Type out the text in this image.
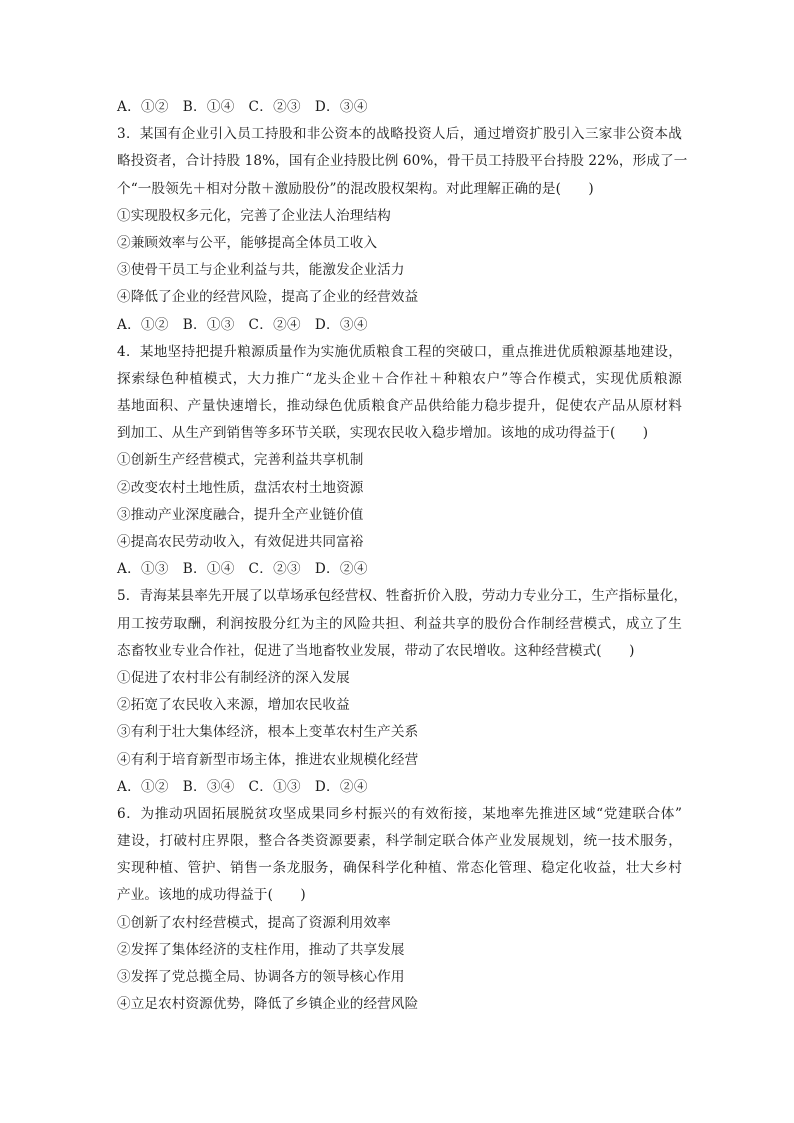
A．①②　B．①④　C．②③　D．③④
3．某国有企业引入员工持股和非公资本的战略投资人后，通过增资扩股引入三家非公资本战
略投资者，合计持股 18%，国有企业持股比例 60%，骨干员工持股平台持股 22%，形成了一
个“一股领先＋相对分散＋激励股份”的混改股权架构。对此理解正确的是(　　)
①实现股权多元化，完善了企业法人治理结构
②兼顾效率与公平，能够提高全体员工收入
③使骨干员工与企业利益与共，能激发企业活力
④降低了企业的经营风险，提高了企业的经营效益
A．①②　B．①③　C．②④　D．③④
4．某地坚持把提升粮源质量作为实施优质粮食工程的突破口，重点推进优质粮源基地建设，
探索绿色种植模式，大力推广“龙头企业＋合作社＋种粮农户”等合作模式，实现优质粮源
基地面积、产量快速增长，推动绿色优质粮食产品供给能力稳步提升，促使农产品从原材料
到加工、从生产到销售等多环节关联，实现农民收入稳步增加。该地的成功得益于(　　)
①创新生产经营模式，完善利益共享机制
②改变农村土地性质，盘活农村土地资源
③推动产业深度融合，提升全产业链价值
④提高农民劳动收入，有效促进共同富裕
A．①③　B．①④　C．②③　D．②④
5．青海某县率先开展了以草场承包经营权、牲畜折价入股，劳动力专业分工，生产指标量化，
用工按劳取酬，利润按股分红为主的风险共担、利益共享的股份合作制经营模式，成立了生
态畜牧业专业合作社，促进了当地畜牧业发展，带动了农民增收。这种经营模式(　　)
①促进了农村非公有制经济的深入发展
②拓宽了农民收入来源，增加农民收益
③有利于壮大集体经济，根本上变革农村生产关系
④有利于培育新型市场主体，推进农业规模化经营
A．①②　B．③④　C．①③　D．②④
6．为推动巩固拓展脱贫攻坚成果同乡村振兴的有效衔接，某地率先推进区域“党建联合体”
建设，打破村庄界限，整合各类资源要素，科学制定联合体产业发展规划，统一技术服务，
实现种植、管护、销售一条龙服务，确保科学化种植、常态化管理、稳定化收益，壮大乡村
产业。该地的成功得益于(　　)
①创新了农村经营模式，提高了资源利用效率
②发挥了集体经济的支柱作用，推动了共享发展
③发挥了党总揽全局、协调各方的领导核心作用
④立足农村资源优势，降低了乡镇企业的经营风险
